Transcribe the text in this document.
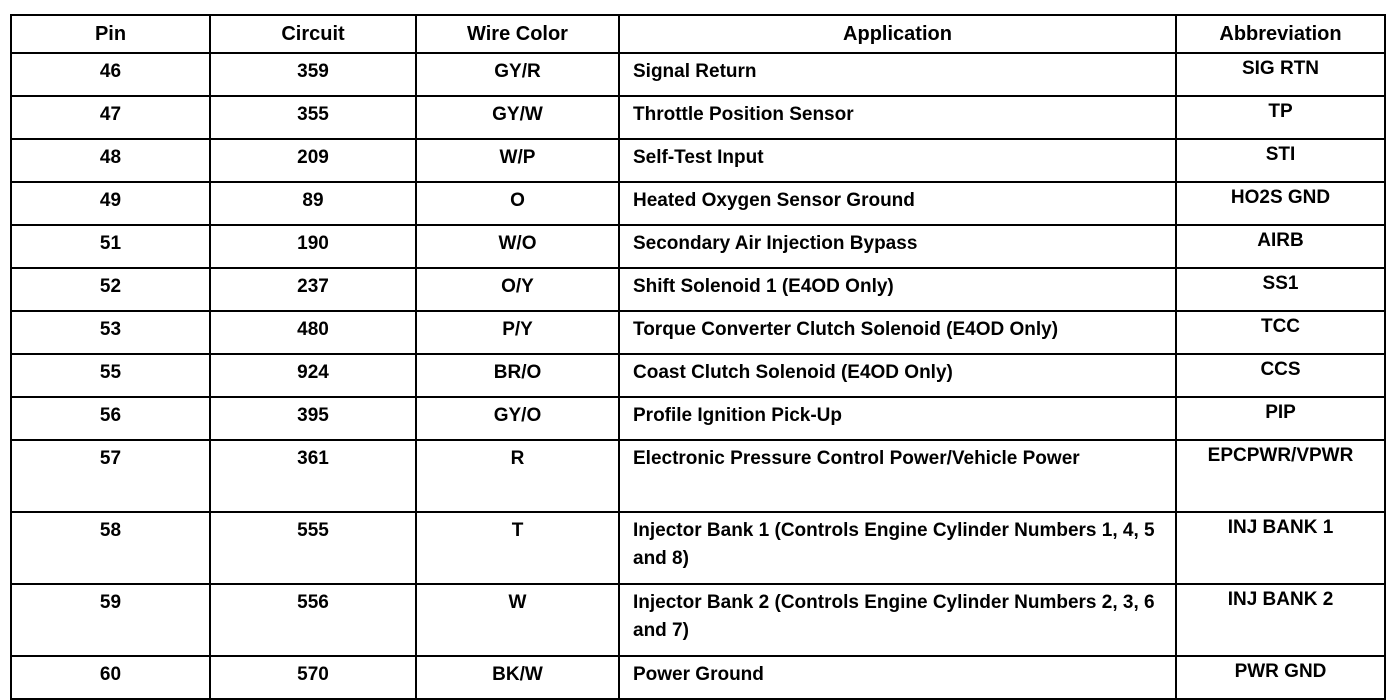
Pin	Circuit	Wire Color	Application	Abbreviation
46	359	GY/R	Signal Return	SIG RTN
47	355	GY/W	Throttle Position Sensor	TP
48	209	W/P	Self-Test Input	STI
49	89	O	Heated Oxygen Sensor Ground	HO2S GND
51	190	W/O	Secondary Air Injection Bypass	AIRB
52	237	O/Y	Shift Solenoid 1 (E4OD Only)	SS1
53	480	P/Y	Torque Converter Clutch Solenoid (E4OD Only)	TCC
55	924	BR/O	Coast Clutch Solenoid (E4OD Only)	CCS
56	395	GY/O	Profile Ignition Pick-Up	PIP
57	361	R	Electronic Pressure Control Power/Vehicle Power	EPCPWR/VPWR
58	555	T	Injector Bank 1 (Controls Engine Cylinder Numbers 1, 4, 5 and 8)	INJ BANK 1
59	556	W	Injector Bank 2 (Controls Engine Cylinder Numbers 2, 3, 6 and 7)	INJ BANK 2
60	570	BK/W	Power Ground	PWR GND
